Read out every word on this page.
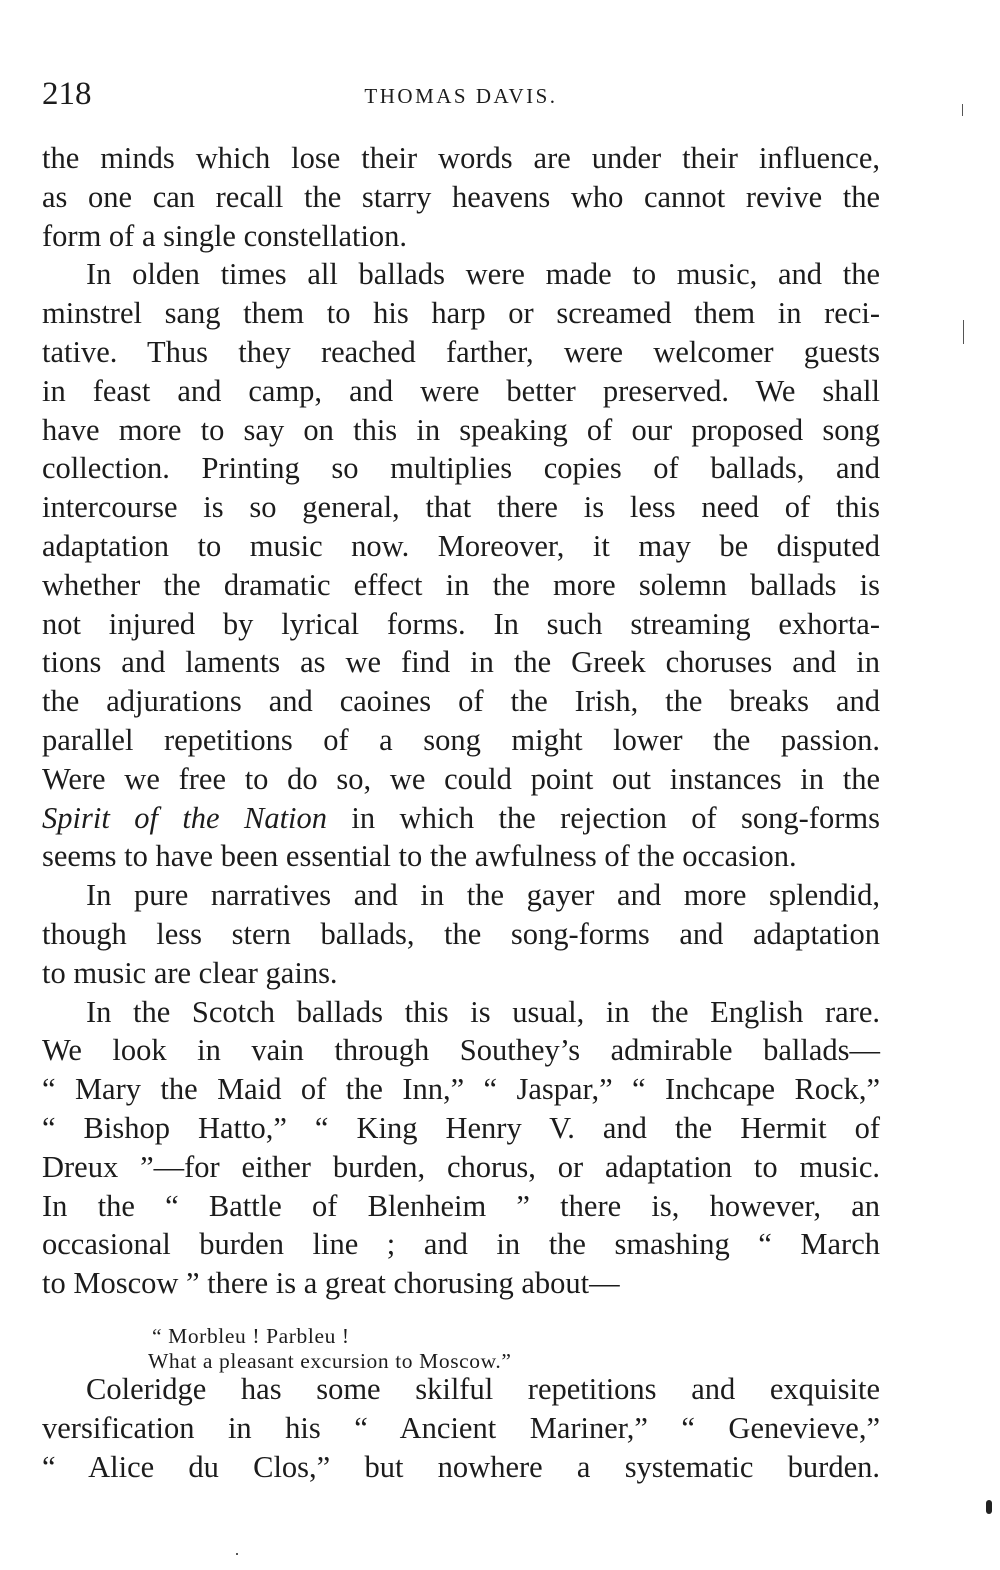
218	THOMAS DAVIS.
the minds which lose their words are under their influence,
as one can recall the starry heavens who cannot revive the
form of a single constellation.
In olden times all ballads were made to music, and the
minstrel sang them to his harp or screamed them in reci-
tative. Thus they reached farther, were welcomer guests
in feast and camp, and were better preserved. We shall
have more to say on this in speaking of our proposed song
collection. Printing so multiplies copies of ballads, and
intercourse is so general, that there is less need of this
adaptation to music now. Moreover, it may be disputed
whether the dramatic effect in the more solemn ballads is
not injured by lyrical forms. In such streaming exhorta-
tions and laments as we find in the Greek choruses and in
the adjurations and caoines of the Irish, the breaks and
parallel repetitions of a song might lower the passion.
Were we free to do so, we could point out instances in the
Spirit of the Nation in which the rejection of song-forms
seems to have been essential to the awfulness of the occasion.
In pure narratives and in the gayer and more splendid,
though less stern ballads, the song-forms and adaptation
to music are clear gains.
In the Scotch ballads this is usual, in the English rare.
We look in vain through Southey’s admirable ballads—
“ Mary the Maid of the Inn,” “ Jaspar,” “ Inchcape Rock,”
“ Bishop Hatto,” “ King Henry V. and the Hermit of
Dreux ”—for either burden, chorus, or adaptation to music.
In the “ Battle of Blenheim ” there is, however, an
occasional burden line ; and in the smashing “ March
to Moscow ” there is a great chorusing about—
“ Morbleu ! Parbleu !
What a pleasant excursion to Moscow.”
Coleridge has some skilful repetitions and exquisite
versification in his “ Ancient Mariner,” “ Genevieve,”
“ Alice du Clos,” but nowhere a systematic burden.
